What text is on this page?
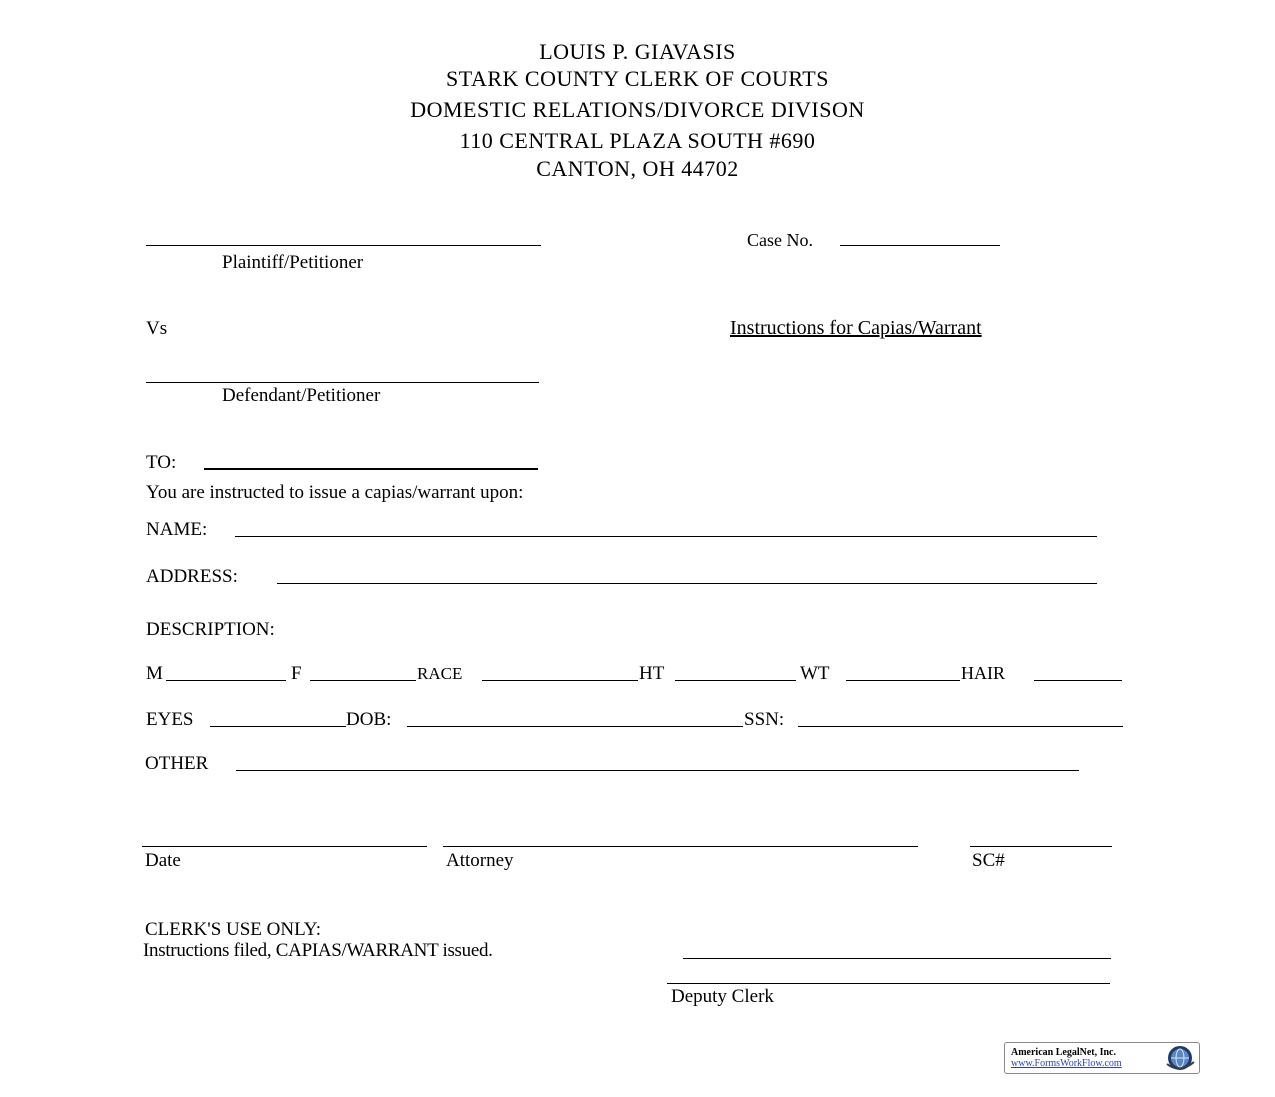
LOUIS P. GIAVASIS
STARK COUNTY CLERK OF COURTS
DOMESTIC RELATIONS/DIVORCE DIVISON
110 CENTRAL PLAZA SOUTH #690
CANTON, OH 44702
Plaintiff/Petitioner
Case No.
Vs	Instructions for Capias/Warrant
Defendant/Petitioner
TO:
You are instructed to issue a capias/warrant upon:
NAME:
ADDRESS:
DESCRIPTION:
M	F	RACE	HT	WT	HAIR
EYES	DOB:	SSN:
OTHER
Date	Attorney	SC#
CLERK'S USE ONLY:
Instructions filed, CAPIAS/WARRANT issued.
Deputy Clerk
American LegalNet, Inc.
www.FormsWorkFlow.com
